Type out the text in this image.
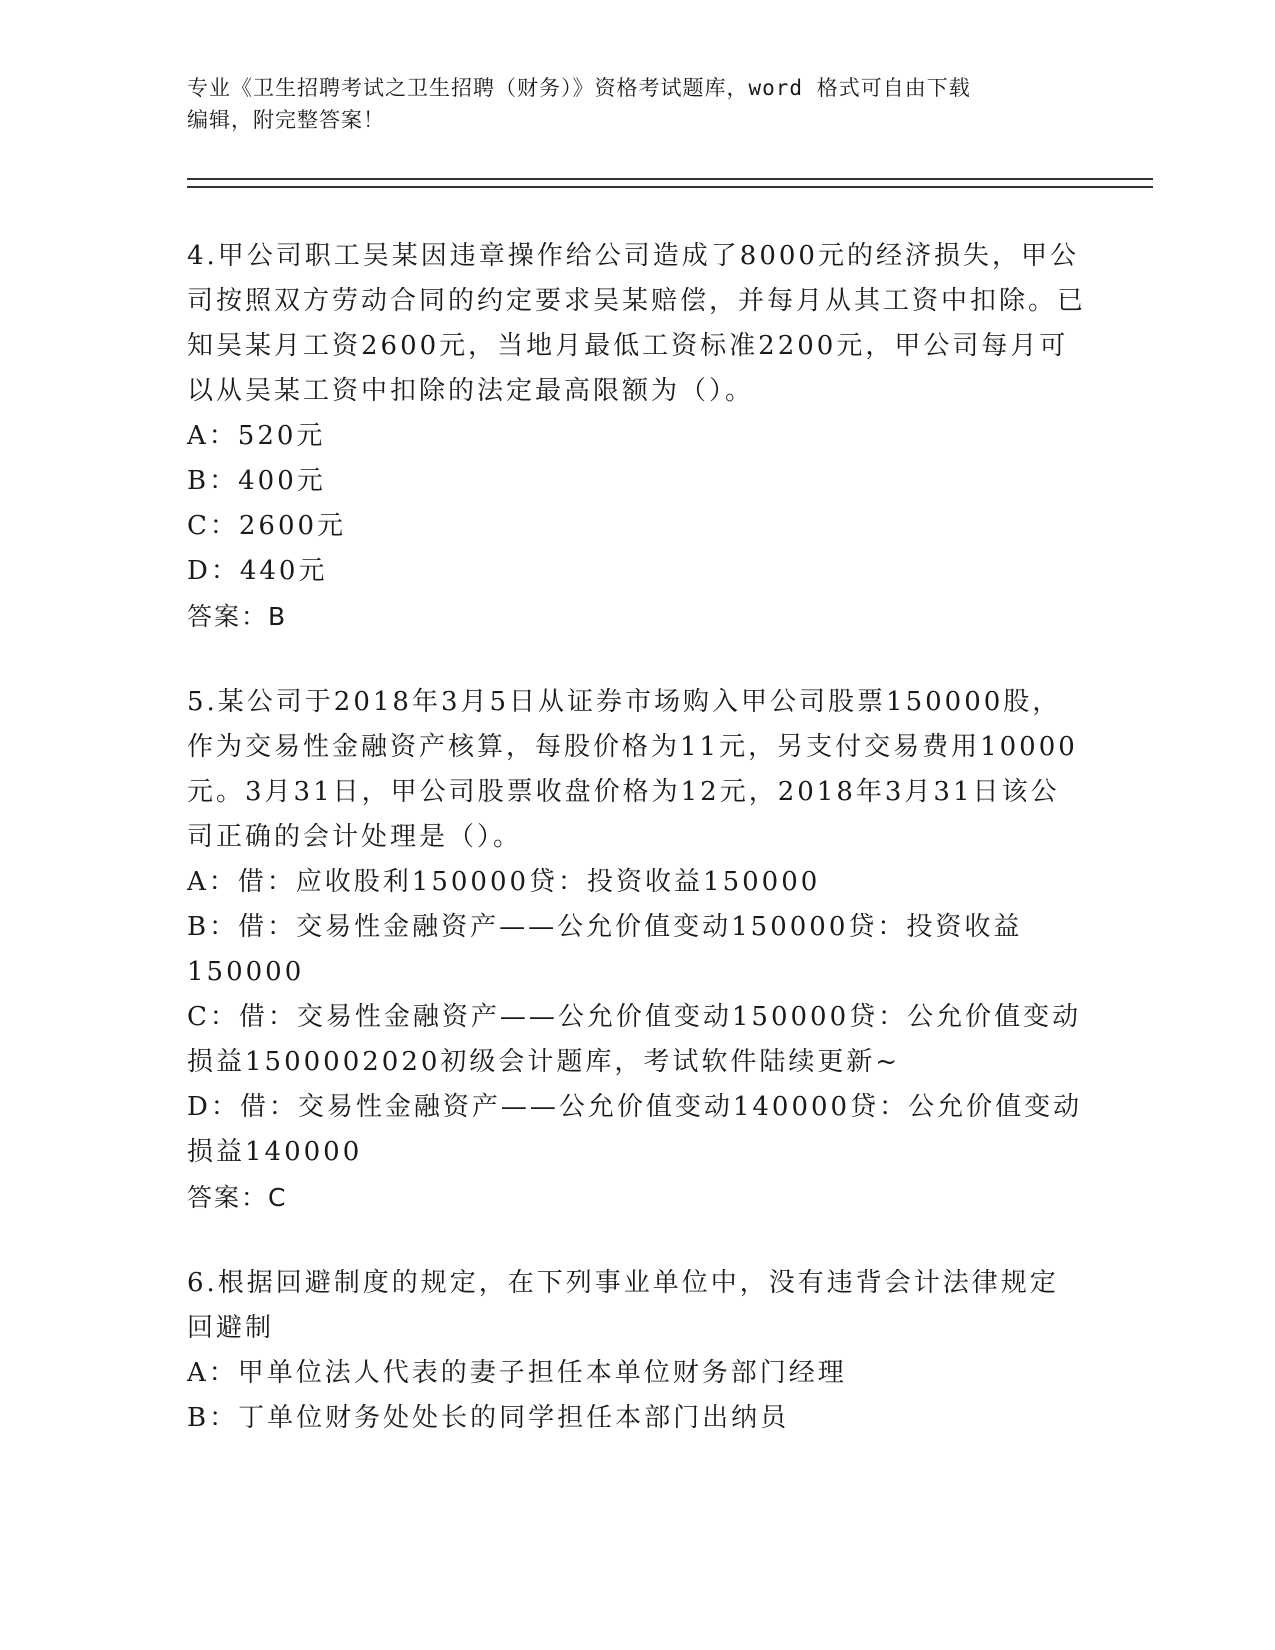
专业《卫生招聘考试之卫生招聘（财务）》资格考试题库，word 格式可自由下载
编辑，附完整答案！
4.甲公司职工吴某因违章操作给公司造成了8000元的经济损失，甲公司按照双方劳动合同的约定要求吴某赔偿，并每月从其工资中扣除。已知吴某月工资2600元，当地月最低工资标准2200元，甲公司每月可以从吴某工资中扣除的法定最高限额为（）。
A：520元
B：400元
C：2600元
D：440元
答案：B
5.某公司于2018年3月5日从证券市场购入甲公司股票150000股，作为交易性金融资产核算，每股价格为11元，另支付交易费用10000元。3月31日，甲公司股票收盘价格为12元，2018年3月31日该公司正确的会计处理是（）。
A：借：应收股利150000贷：投资收益150000
B：借：交易性金融资产——公允价值变动150000贷：投资收益150000
C：借：交易性金融资产——公允价值变动150000贷：公允价值变动损益1500002020初级会计题库，考试软件陆续更新~
D：借：交易性金融资产——公允价值变动140000贷：公允价值变动损益140000
答案：C
6.根据回避制度的规定，在下列事业单位中，没有违背会计法律规定回避制
A：甲单位法人代表的妻子担任本单位财务部门经理
B：丁单位财务处处长的同学担任本部门出纳员
